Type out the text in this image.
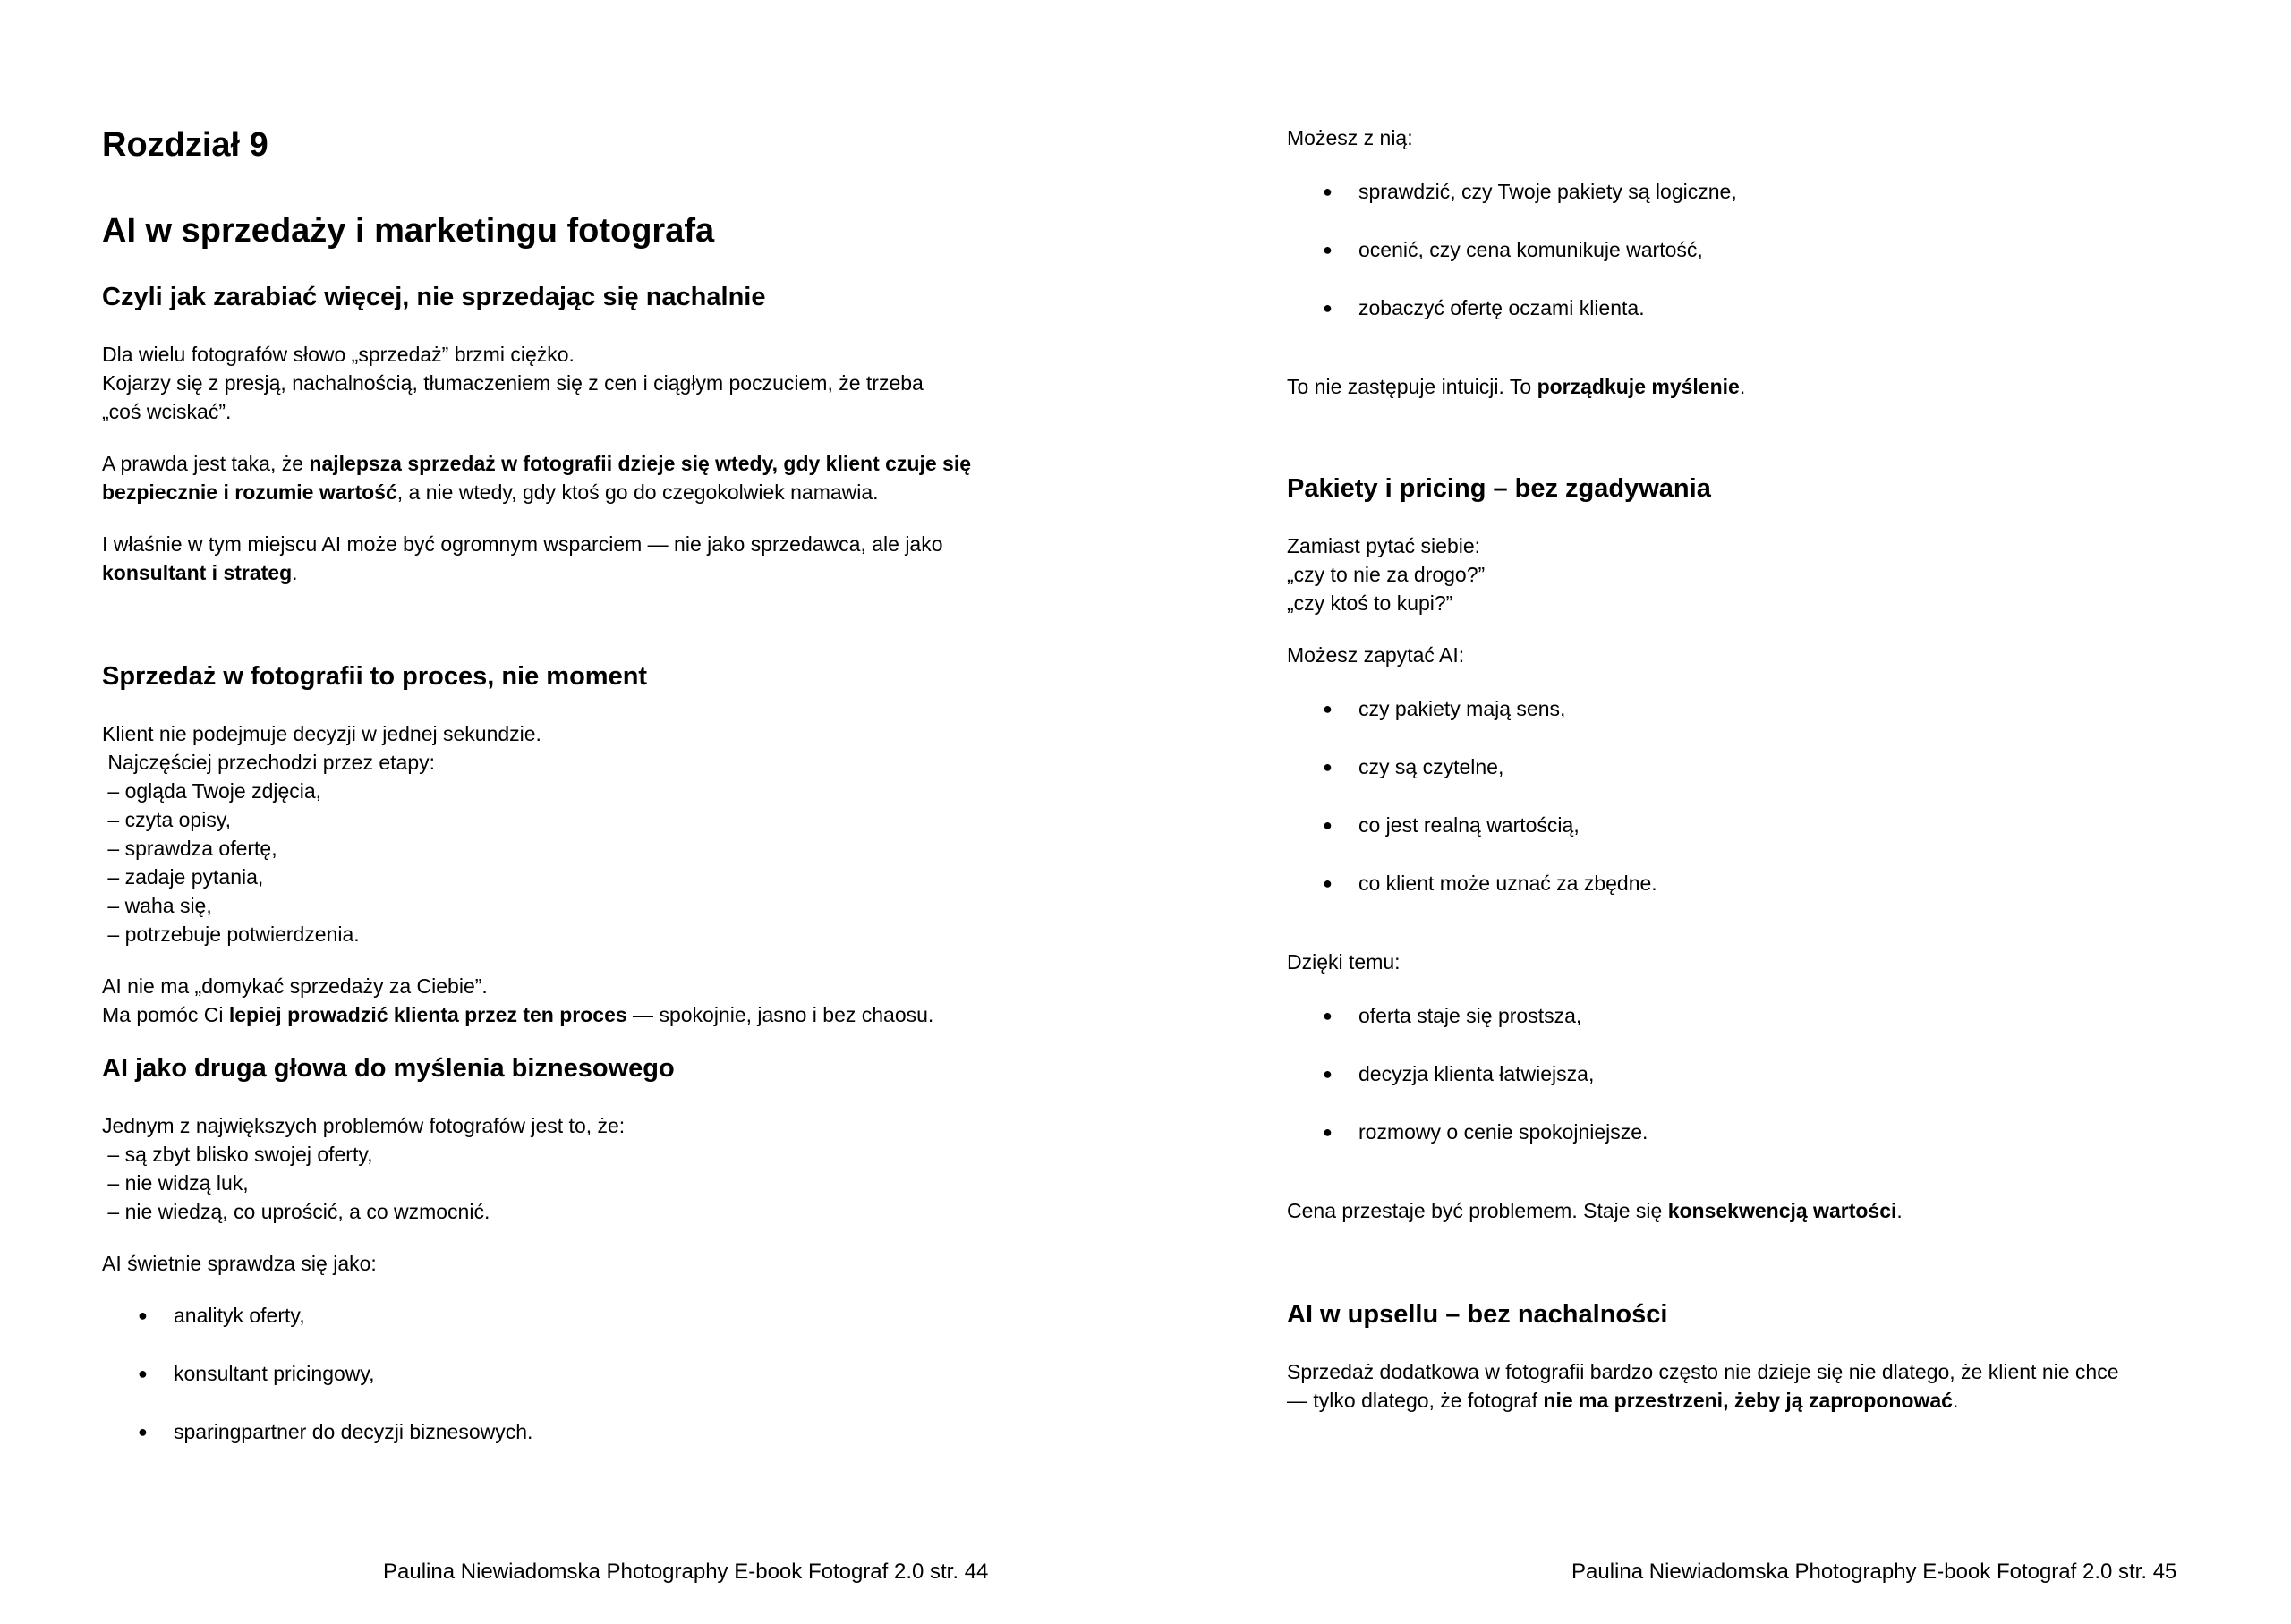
Rozdział 9
AI w sprzedaży i marketingu fotografa
Czyli jak zarabiać więcej, nie sprzedając się nachalnie

Dla wielu fotografów słowo „sprzedaż” brzmi ciężko.
Kojarzy się z presją, nachalnością, tłumaczeniem się z cen i ciągłym poczuciem, że trzeba
„coś wciskać”.

A prawda jest taka, że najlepsza sprzedaż w fotografii dzieje się wtedy, gdy klient czuje się bezpiecznie i rozumie wartość, a nie wtedy, gdy ktoś go do czegokolwiek namawia.

I właśnie w tym miejscu AI może być ogromnym wsparciem — nie jako sprzedawca, ale jako konsultant i strateg.

Sprzedaż w fotografii to proces, nie moment

Klient nie podejmuje decyzji w jednej sekundzie.
Najczęściej przechodzi przez etapy:
– ogląda Twoje zdjęcia,
– czyta opisy,
– sprawdza ofertę,
– zadaje pytania,
– waha się,
– potrzebuje potwierdzenia.

AI nie ma „domykać sprzedaży za Ciebie”.
Ma pomóc Ci lepiej prowadzić klienta przez ten proces — spokojnie, jasno i bez chaosu.

AI jako druga głowa do myślenia biznesowego

Jednym z największych problemów fotografów jest to, że:
– są zbyt blisko swojej oferty,
– nie widzą luk,
– nie wiedzą, co uprościć, a co wzmocnić.

AI świetnie sprawdza się jako:

● analityk oferty,
● konsultant pricingowy,
● sparingpartner do decyzji biznesowych.
Paulina Niewiadomska Photography E-book Fotograf 2.0 str. 44

Możesz z nią:

● sprawdzić, czy Twoje pakiety są logiczne,
● ocenić, czy cena komunikuje wartość,
● zobaczyć ofertę oczami klienta.

To nie zastępuje intuicji. To porządkuje myślenie.

Pakiety i pricing – bez zgadywania

Zamiast pytać siebie:
„czy to nie za drogo?”
„czy ktoś to kupi?”

Możesz zapytać AI:

● czy pakiety mają sens,
● czy są czytelne,
● co jest realną wartością,
● co klient może uznać za zbędne.

Dzięki temu:

● oferta staje się prostsza,
● decyzja klienta łatwiejsza,
● rozmowy o cenie spokojniejsze.

Cena przestaje być problemem. Staje się konsekwencją wartości.

AI w upsellu – bez nachalności

Sprzedaż dodatkowa w fotografii bardzo często nie dzieje się nie dlatego, że klient nie chce
— tylko dlatego, że fotograf nie ma przestrzeni, żeby ją zaproponować.

Paulina Niewiadomska Photography E-book Fotograf 2.0 str. 45
